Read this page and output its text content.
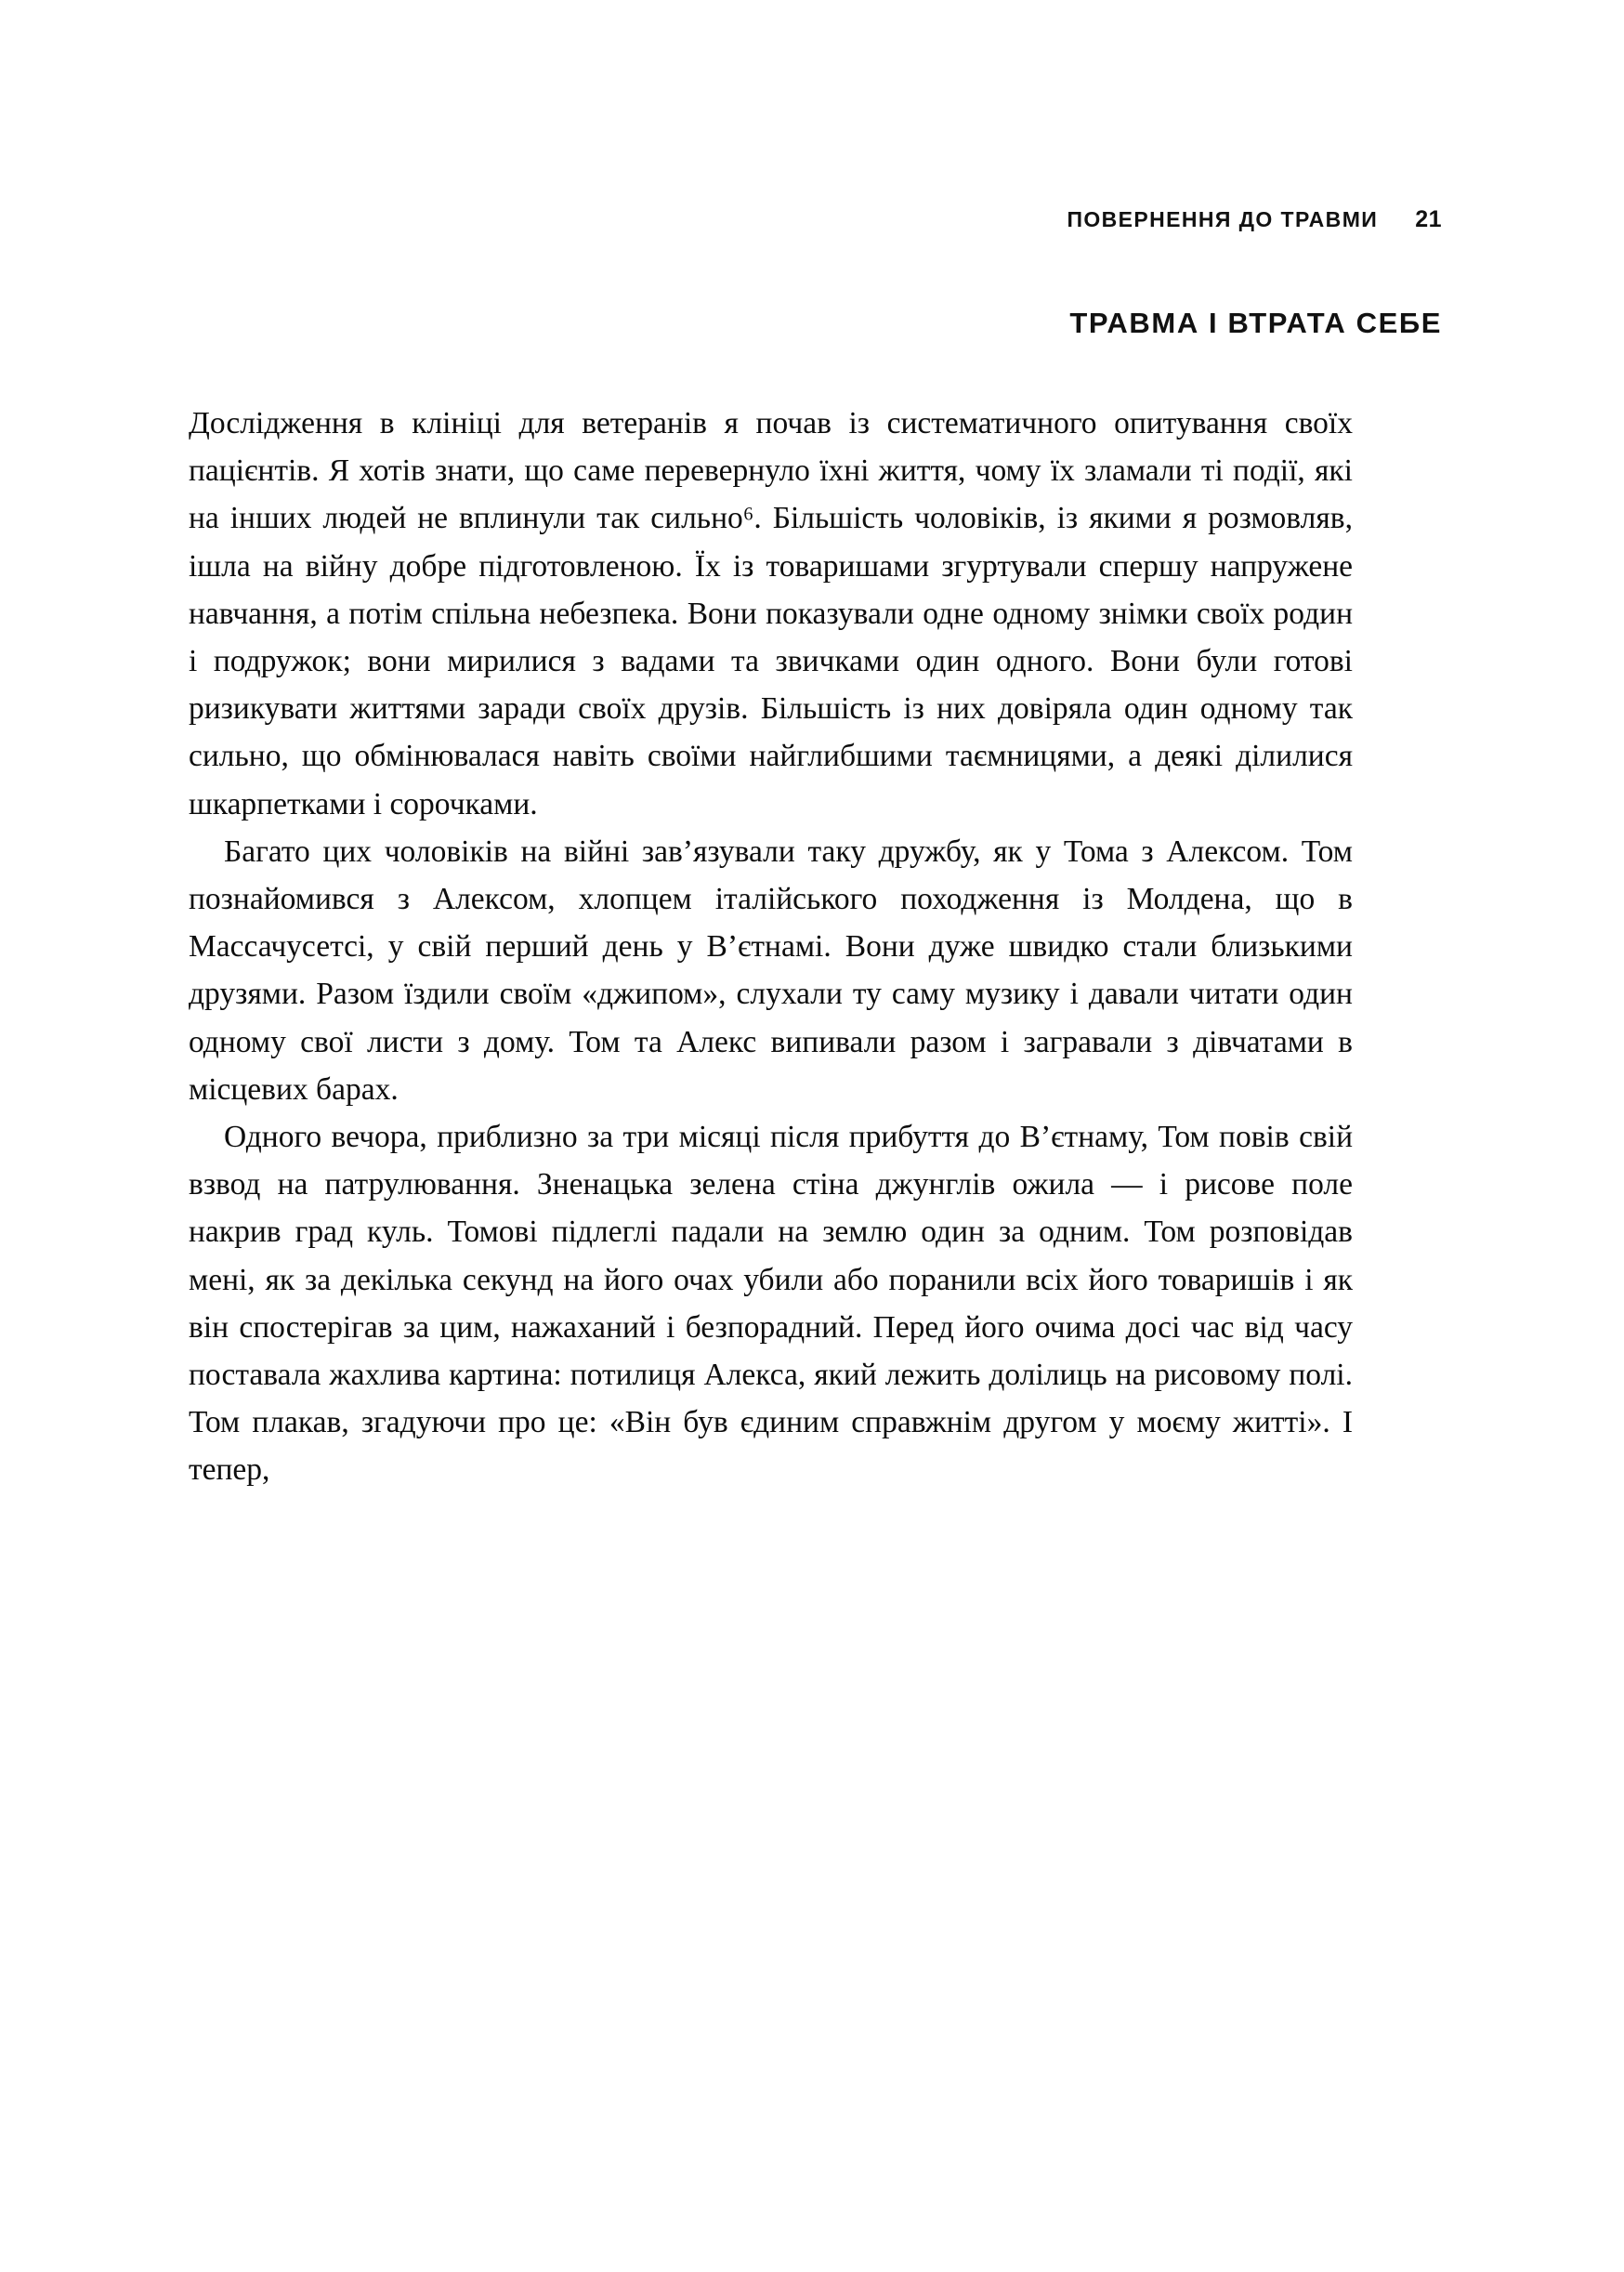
ПОВЕРНЕННЯ ДО ТРАВМИ 21
ТРАВМА І ВТРАТА СЕБЕ

Дослідження в клініці для ветеранів я почав із систематичного опитування своїх пацієнтів. Я хотів знати, що саме перевернуло їхні життя, чому їх зламали ті події, які на інших людей не вплинули так сильно⁶. Більшість чоловіків, із якими я розмовляв, ішла на війну добре підготовленою. Їх із товаришами згуртували спершу напружене навчання, а потім спільна небезпека. Вони показували одне одному знімки своїх родин і подружок; вони мирилися з вадами та звичками один одного. Вони були готові ризикувати життями заради своїх друзів. Більшість із них довіряла один одному так сильно, що обмінювалася навіть своїми найглибшими таємницями, а деякі ділилися шкарпетками і сорочками.

Багато цих чоловіків на війні зав’язували таку дружбу, як у Тома з Алексом. Том познайомився з Алексом, хлопцем італійського походження із Молдена, що в Массачусетсі, у свій перший день у В’єтнамі. Вони дуже швидко стали близькими друзями. Разом їздили своїм «джипом», слухали ту саму музику і давали читати один одному свої листи з дому. Том та Алекс випивали разом і загравали з дівчатами в місцевих барах.

Одного вечора, приблизно за три місяці після прибуття до В’єтнаму, Том повів свій взвод на патрулювання. Зненацька зелена стіна джунглів ожила — і рисове поле накрив град куль. Томові підлеглі падали на землю один за одним. Том розповідав мені, як за декілька секунд на його очах убили або поранили всіх його товаришів і як він спостерігав за цим, нажаханий і безпорадний. Перед його очима досі час від часу поставала жахлива картина: потилиця Алекса, який лежить долілиць на рисовому полі. Том плакав, згадуючи про це: «Він був єдиним справжнім другом у моєму житті». І тепер,
